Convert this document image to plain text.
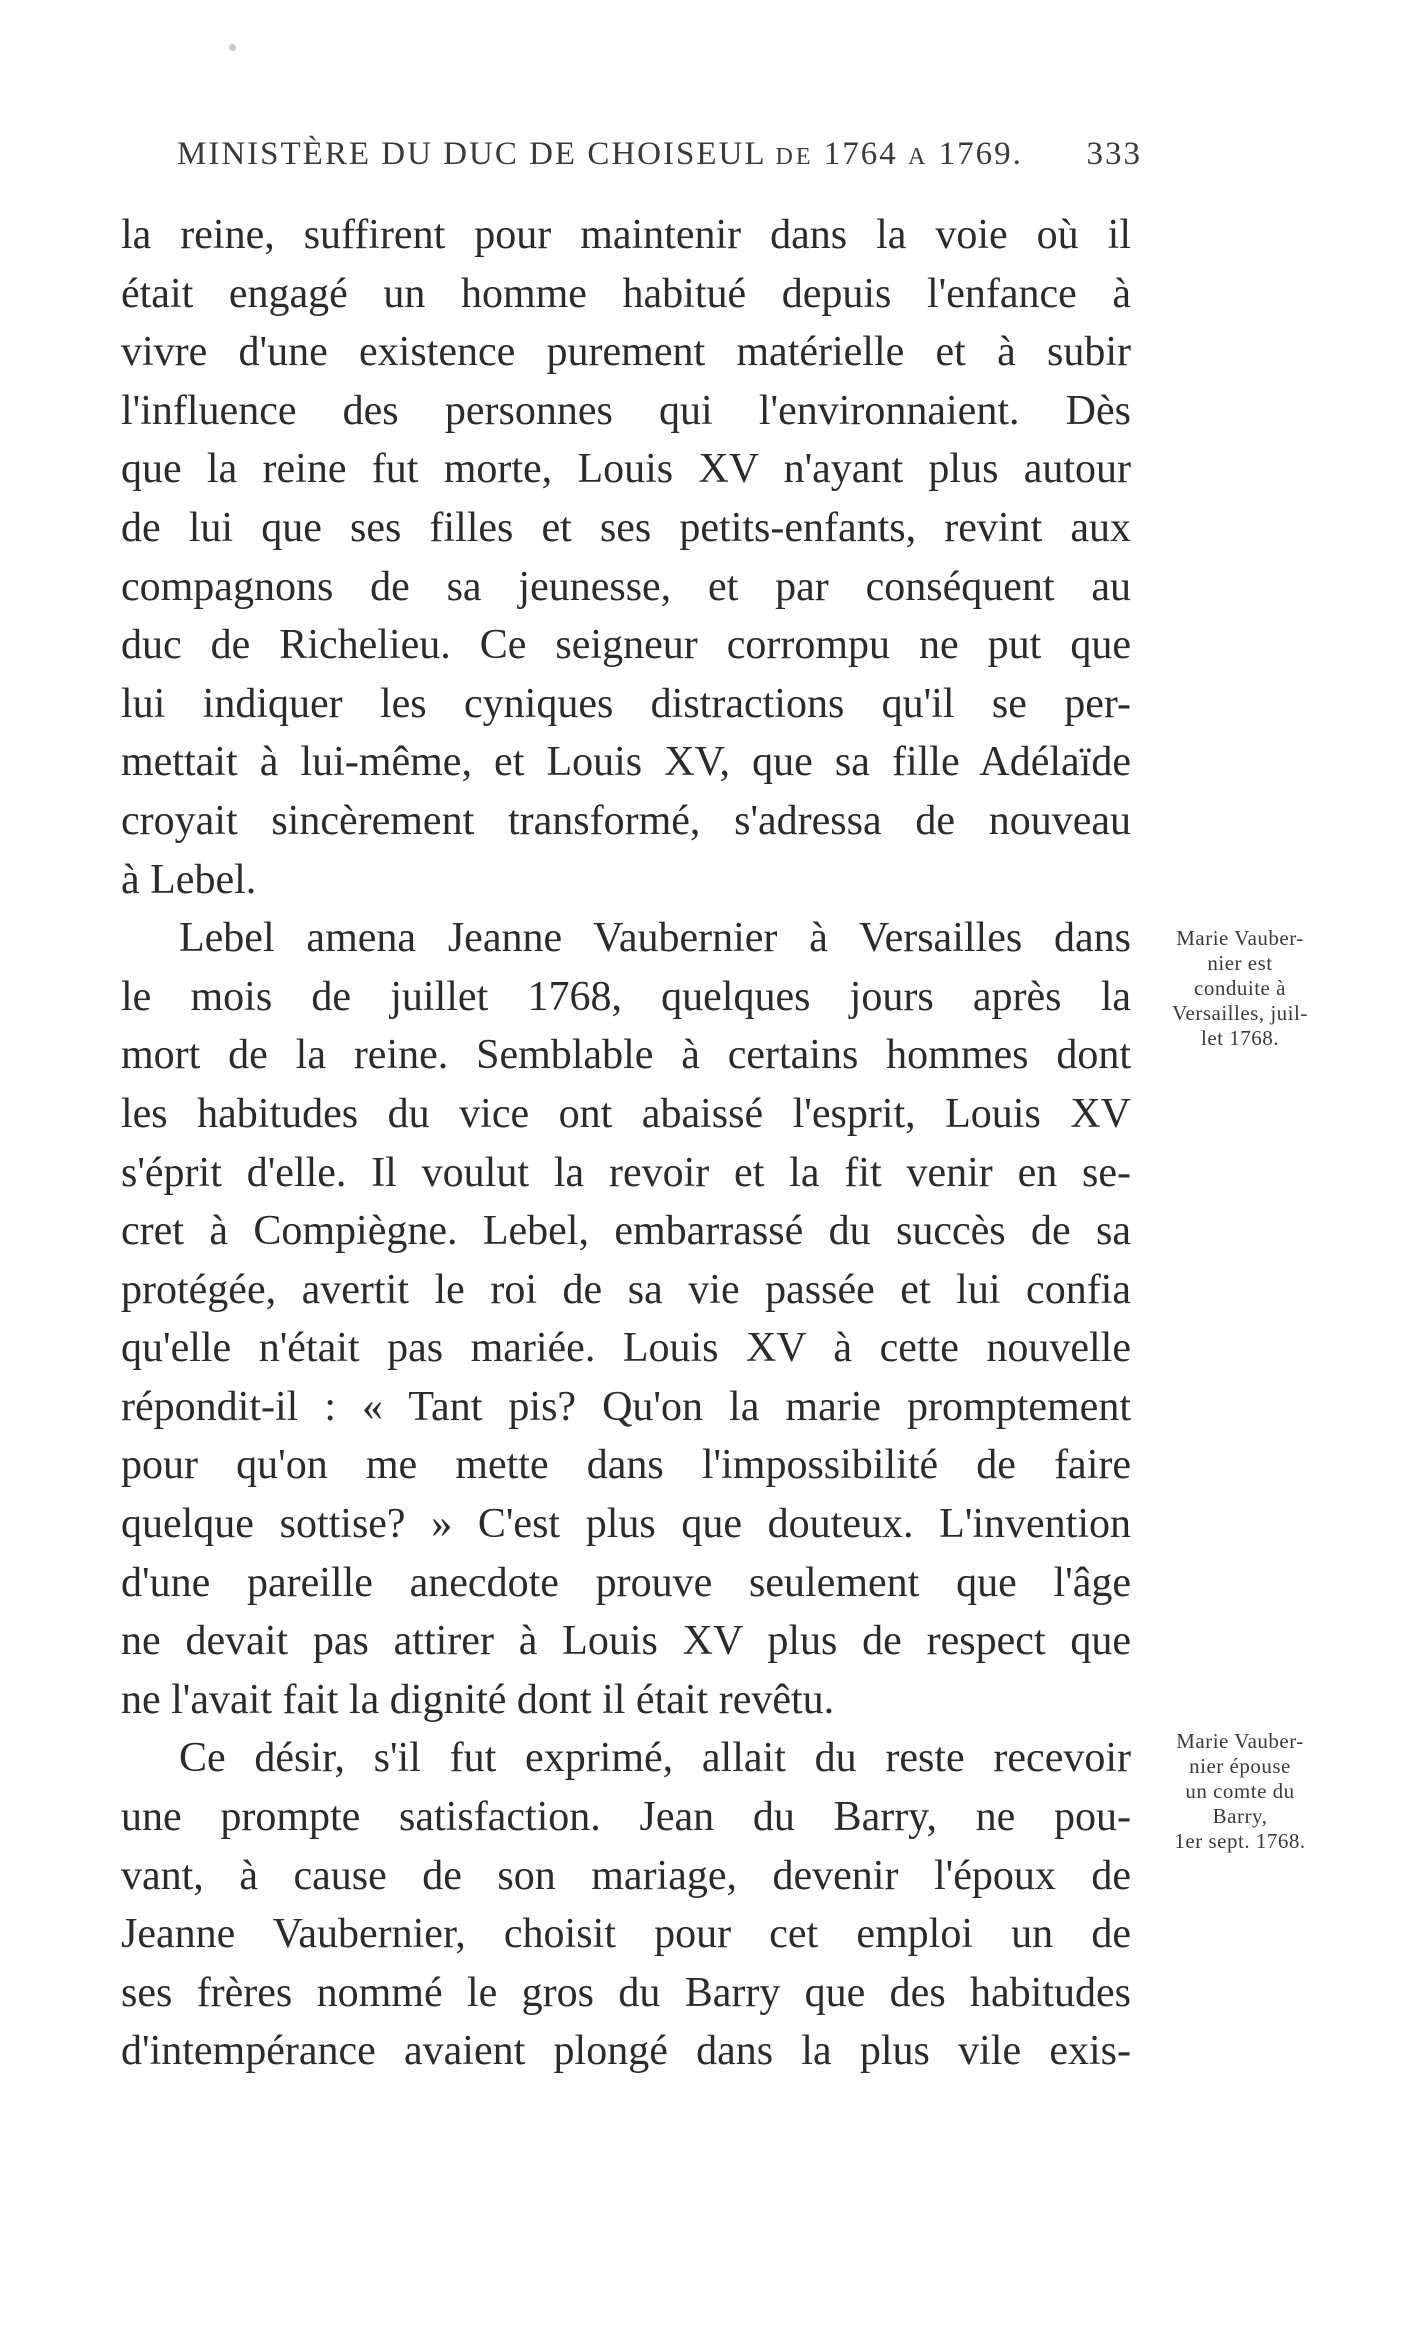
MINISTÈRE DU DUC DE CHOISEUL DE 1764 A 1769. 333
la reine, suffirent pour maintenir dans la voie où il
était engagé un homme habitué depuis l'enfance à
vivre d'une existence purement matérielle et à subir
l'influence des personnes qui l'environnaient. Dès
que la reine fut morte, Louis XV n'ayant plus autour
de lui que ses filles et ses petits-enfants, revint aux
compagnons de sa jeunesse, et par conséquent au
duc de Richelieu. Ce seigneur corrompu ne put que
lui indiquer les cyniques distractions qu'il se per-
mettait à lui-même, et Louis XV, que sa fille Adélaïde
croyait sincèrement transformé, s'adressa de nouveau
à Lebel.
Lebel amena Jeanne Vaubernier à Versailles dans
le mois de juillet 1768, quelques jours après la
mort de la reine. Semblable à certains hommes dont
les habitudes du vice ont abaissé l'esprit, Louis XV
s'éprit d'elle. Il voulut la revoir et la fit venir en se-
cret à Compiègne. Lebel, embarrassé du succès de sa
protégée, avertit le roi de sa vie passée et lui confia
qu'elle n'était pas mariée. Louis XV à cette nouvelle
répondit-il : « Tant pis? Qu'on la marie promptement
pour qu'on me mette dans l'impossibilité de faire
quelque sottise? » C'est plus que douteux. L'invention
d'une pareille anecdote prouve seulement que l'âge
ne devait pas attirer à Louis XV plus de respect que
ne l'avait fait la dignité dont il était revêtu.
Ce désir, s'il fut exprimé, allait du reste recevoir
une prompte satisfaction. Jean du Barry, ne pou-
vant, à cause de son mariage, devenir l'époux de
Jeanne Vaubernier, choisit pour cet emploi un de
ses frères nommé le gros du Barry que des habitudes
d'intempérance avaient plongé dans la plus vile exis-
Marie Vauber-
nier est
conduite à
Versailles, juil-
let 1768.
Marie Vauber-
nier épouse
un comte du
Barry,
1er sept. 1768.
